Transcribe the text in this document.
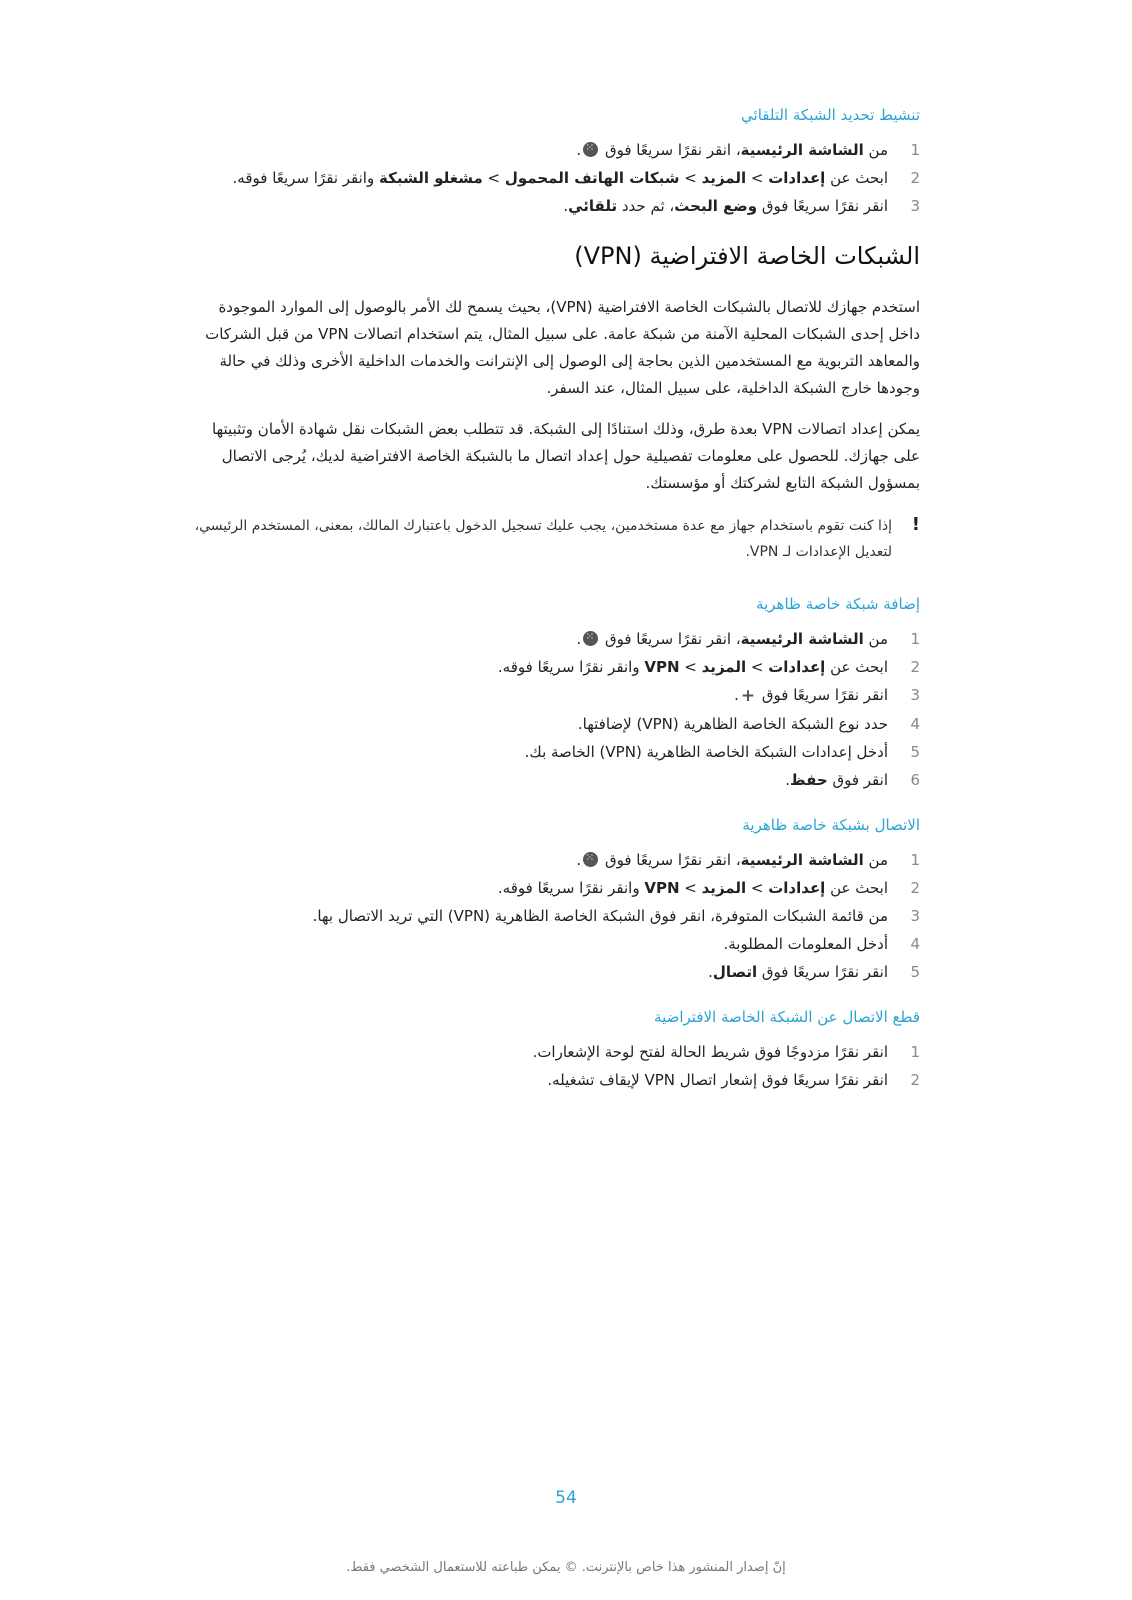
تنشيط تحديد الشبكة التلقائي
1
من الشاشة الرئيسية، انقر نقرًا سريعًا فوق ⁙.
2
ابحث عن إعدادات > المزيد > شبكات الهاتف المحمول > مشغلو الشبكة وانقر نقرًا سريعًا فوقه.
3
انقر نقرًا سريعًا فوق وضع البحث، ثم حدد تلقائي.
الشبكات الخاصة الافتراضية (VPN)

استخدم جهازك للاتصال بالشبكات الخاصة الافتراضية (VPN)، بحيث يسمح لك الأمر بالوصول إلى الموارد الموجودة داخل إحدى الشبكات المحلية الآمنة من شبكة عامة. على سبيل المثال، يتم استخدام اتصالات VPN من قبل الشركات والمعاهد التربوية مع المستخدمين الذين بحاجة إلى الوصول إلى الإنترانت والخدمات الداخلية الأخرى وذلك في حالة وجودها خارج الشبكة الداخلية، على سبيل المثال، عند السفر.

يمكن إعداد اتصالات VPN بعدة طرق، وذلك استنادًا إلى الشبكة. قد تتطلب بعض الشبكات نقل شهادة الأمان وتثبيتها على جهازك. للحصول على معلومات تفصيلية حول إعداد اتصال ما بالشبكة الخاصة الافتراضية لديك، يُرجى الاتصال بمسؤول الشبكة التابع لشركتك أو مؤسستك.

!
إذا كنت تقوم باستخدام جهاز مع عدة مستخدمين، يجب عليك تسجيل الدخول باعتبارك المالك، بمعنى، المستخدم الرئيسي، لتعديل الإعدادات لـ VPN.
إضافة شبكة خاصة ظاهرية
1
من الشاشة الرئيسية، انقر نقرًا سريعًا فوق ⁙.
2
ابحث عن إعدادات > المزيد > VPN وانقر نقرًا سريعًا فوقه.
3
انقر نقرًا سريعًا فوق +.
4
حدد نوع الشبكة الخاصة الظاهرية (VPN) لإضافتها.
5
أدخل إعدادات الشبكة الخاصة الظاهرية (VPN) الخاصة بك.
6
انقر فوق حفظ.
الاتصال بشبكة خاصة ظاهرية
1
من الشاشة الرئيسية، انقر نقرًا سريعًا فوق ⁙.
2
ابحث عن إعدادات > المزيد > VPN وانقر نقرًا سريعًا فوقه.
3
من قائمة الشبكات المتوفرة، انقر فوق الشبكة الخاصة الظاهرية (VPN) التي تريد الاتصال بها.
4
أدخل المعلومات المطلوبة.
5
انقر نقرًا سريعًا فوق اتصال.
قطع الاتصال عن الشبكة الخاصة الافتراضية
1
انقر نقرًا مزدوجًا فوق شريط الحالة لفتح لوحة الإشعارات.
2
انقر نقرًا سريعًا فوق إشعار اتصال VPN لإيقاف تشغيله.
54
إنّ إصدار المنشور هذا خاص بالإنترنت. © يمكن طباعته للاستعمال الشخصي فقط.
